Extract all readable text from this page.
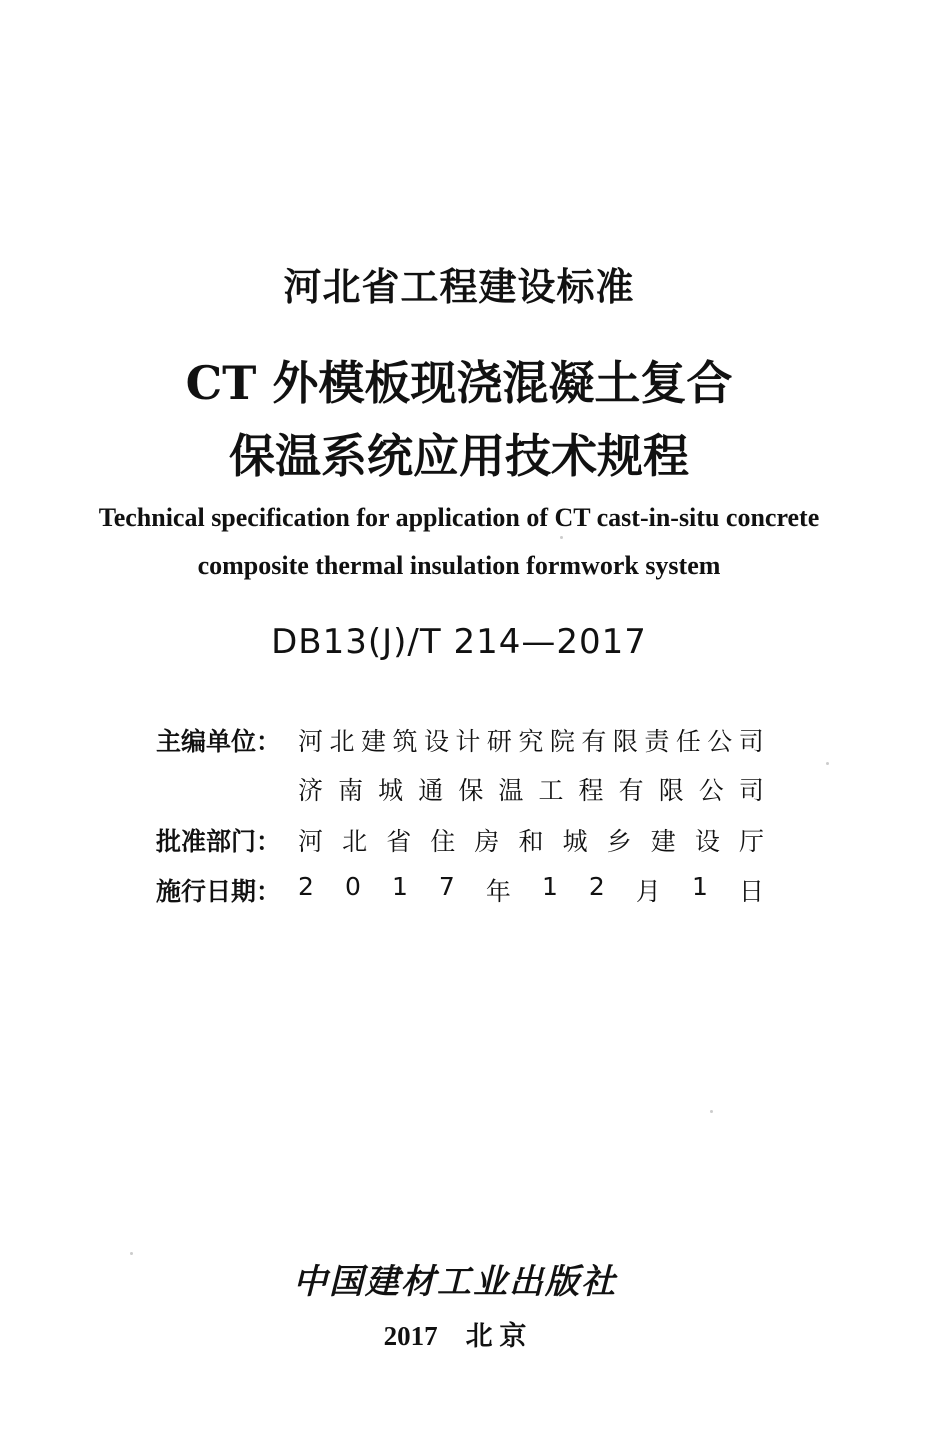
河北省工程建设标准
CT 外模板现浇混凝土复合
保温系统应用技术规程
Technical specification for application of CT cast-in-situ concrete
composite thermal insulation formwork system
DB13(J)/T 214—2017
主编单位： 河 北 建 筑 设 计 研 究 院 有 限 责 任 公 司
济 南 城 通 保 温 工 程 有 限 公 司
批准部门： 河 北 省 住 房 和 城 乡 建 设 厅
施行日期： 2 0 1 7 年 1 2 月 1 日
中国建材工业出版社
2017 北 京
